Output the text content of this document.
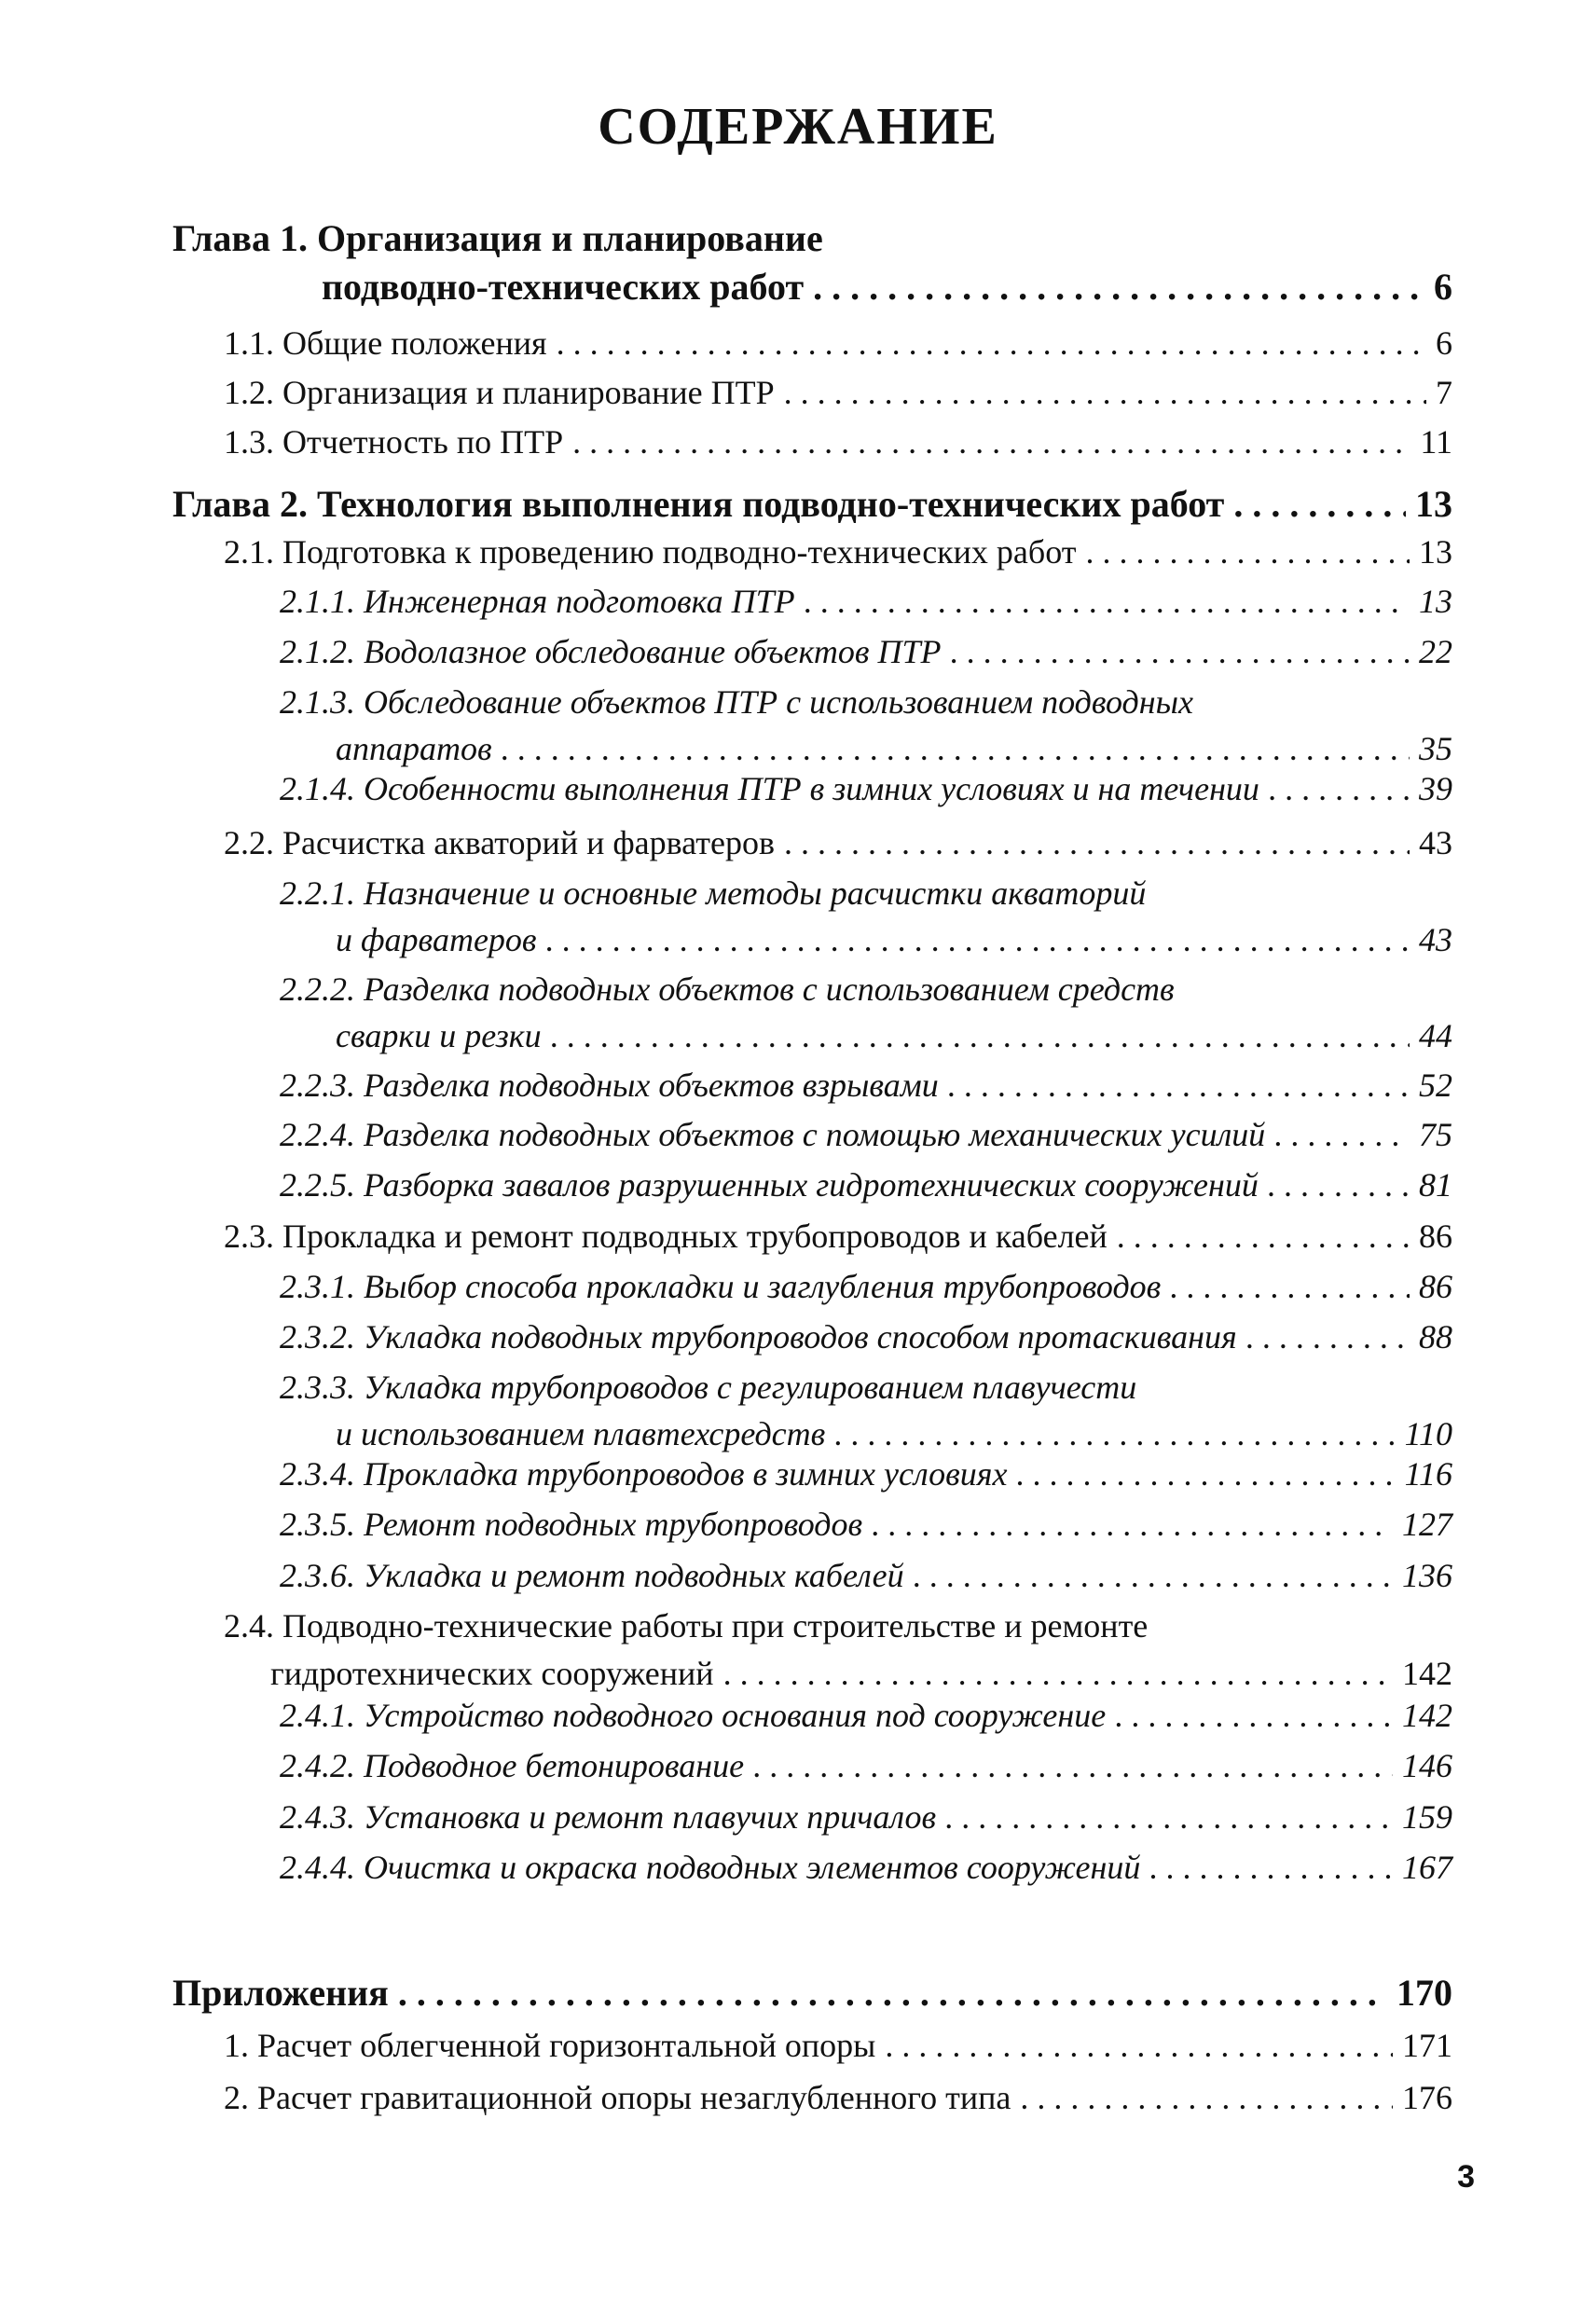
СОДЕРЖАНИЕ
Глава 1. Организация и планирование
подводно-технических работ . . .	6
1.1. Общие положения . . .	6
1.2. Организация и планирование ПТР . . .	7
1.3. Отчетность по ПТР . . .	11
Глава 2. Технология выполнения подводно-технических работ . . .	13
2.1. Подготовка к проведению подводно-технических работ . . .	13
2.1.1. Инженерная подготовка ПТР . . .	13
2.1.2. Водолазное обследование объектов ПТР . . .	22
2.1.3. Обследование объектов ПТР с использованием подводных
аппаратов . . .	35
2.1.4. Особенности выполнения ПТР в зимних условиях и на течении . . .	39
2.2. Расчистка акваторий и фарватеров . . .	43
2.2.1. Назначение и основные методы расчистки акваторий
и фарватеров . . .	43
2.2.2. Разделка подводных объектов с использованием средств
сварки и резки . . .	44
2.2.3. Разделка подводных объектов взрывами . . .	52
2.2.4. Разделка подводных объектов с помощью механических усилий . . .	75
2.2.5. Разборка завалов разрушенных гидротехнических сооружений . . .	81
2.3. Прокладка и ремонт подводных трубопроводов и кабелей . . .	86
2.3.1. Выбор способа прокладки и заглубления трубопроводов . . .	86
2.3.2. Укладка подводных трубопроводов способом протаскивания . . .	88
2.3.3. Укладка трубопроводов с регулированием плавучести
и использованием плавтехсредств . . .	110
2.3.4. Прокладка трубопроводов в зимних условиях . . .	116
2.3.5. Ремонт подводных трубопроводов . . .	127
2.3.6. Укладка и ремонт подводных кабелей . . .	136
2.4. Подводно-технические работы при строительстве и ремонте
гидротехнических сооружений . . .	142
2.4.1. Устройство подводного основания под сооружение . . .	142
2.4.2. Подводное бетонирование . . .	146
2.4.3. Установка и ремонт плавучих причалов . . .	159
2.4.4. Очистка и окраска подводных элементов сооружений . . .	167
Приложения . . .	170
1. Расчет облегченной горизонтальной опоры . . .	171
2. Расчет гравитационной опоры незаглубленного типа . . .	176
3
